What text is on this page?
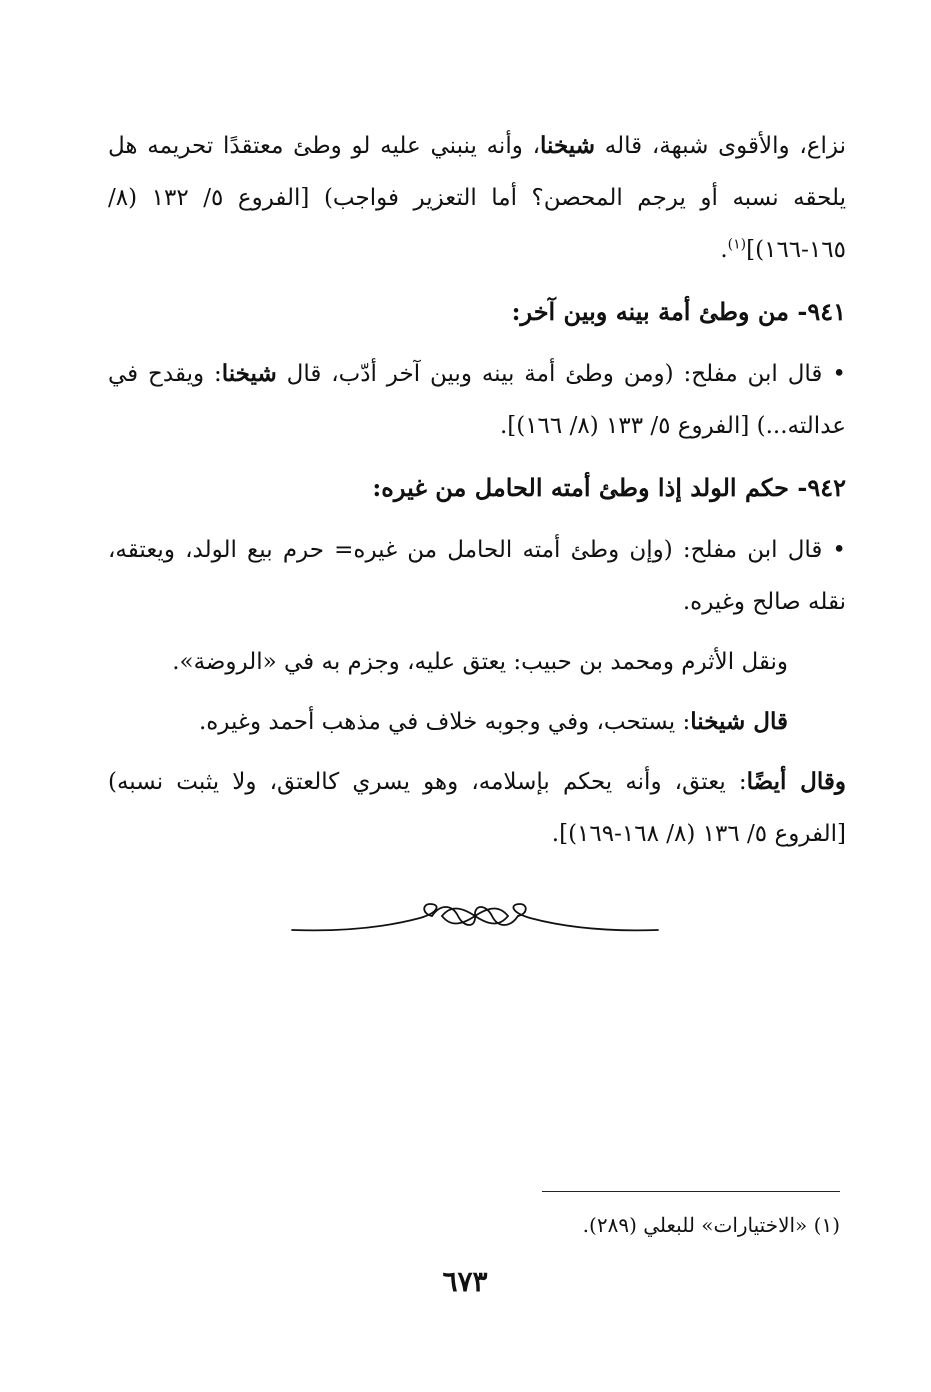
نزاع، والأقوى شبهة، قاله شيخنا، وأنه ينبني عليه لو وطئ معتقدًا تحريمه هل يلحقه نسبه أو يرجم المحصن؟ أما التعزير فواجب) [الفروع ٥/ ١٣٢ (٨/ ١٦٥-١٦٦)]$^{(١)}$.

٩٤١- من وطئ أمة بينه وبين آخر:

•قال ابن مفلح: (ومن وطئ أمة بينه وبين آخر أدّب، قال شيخنا: ويقدح في عدالته...) [الفروع ٥/ ١٣٣ (٨/ ١٦٦)].

٩٤٢- حكم الولد إذا وطئ أمته الحامل من غيره:

•قال ابن مفلح: (وإن وطئ أمته الحامل من غيره= حرم بيع الولد، ويعتقه، نقله صالح وغيره.

ونقل الأثرم ومحمد بن حبيب: يعتق عليه، وجزم به في «الروضة».

قال شيخنا: يستحب، وفي وجوبه خلاف في مذهب أحمد وغيره.

وقال أيضًا: يعتق، وأنه يحكم بإسلامه، وهو يسري كالعتق، ولا يثبت نسبه) [الفروع ٥/ ١٣٦ (٨/ ١٦٨-١٦٩)].

(١) «الاختيارات» للبعلي (٢٨٩).
٦٧٣
